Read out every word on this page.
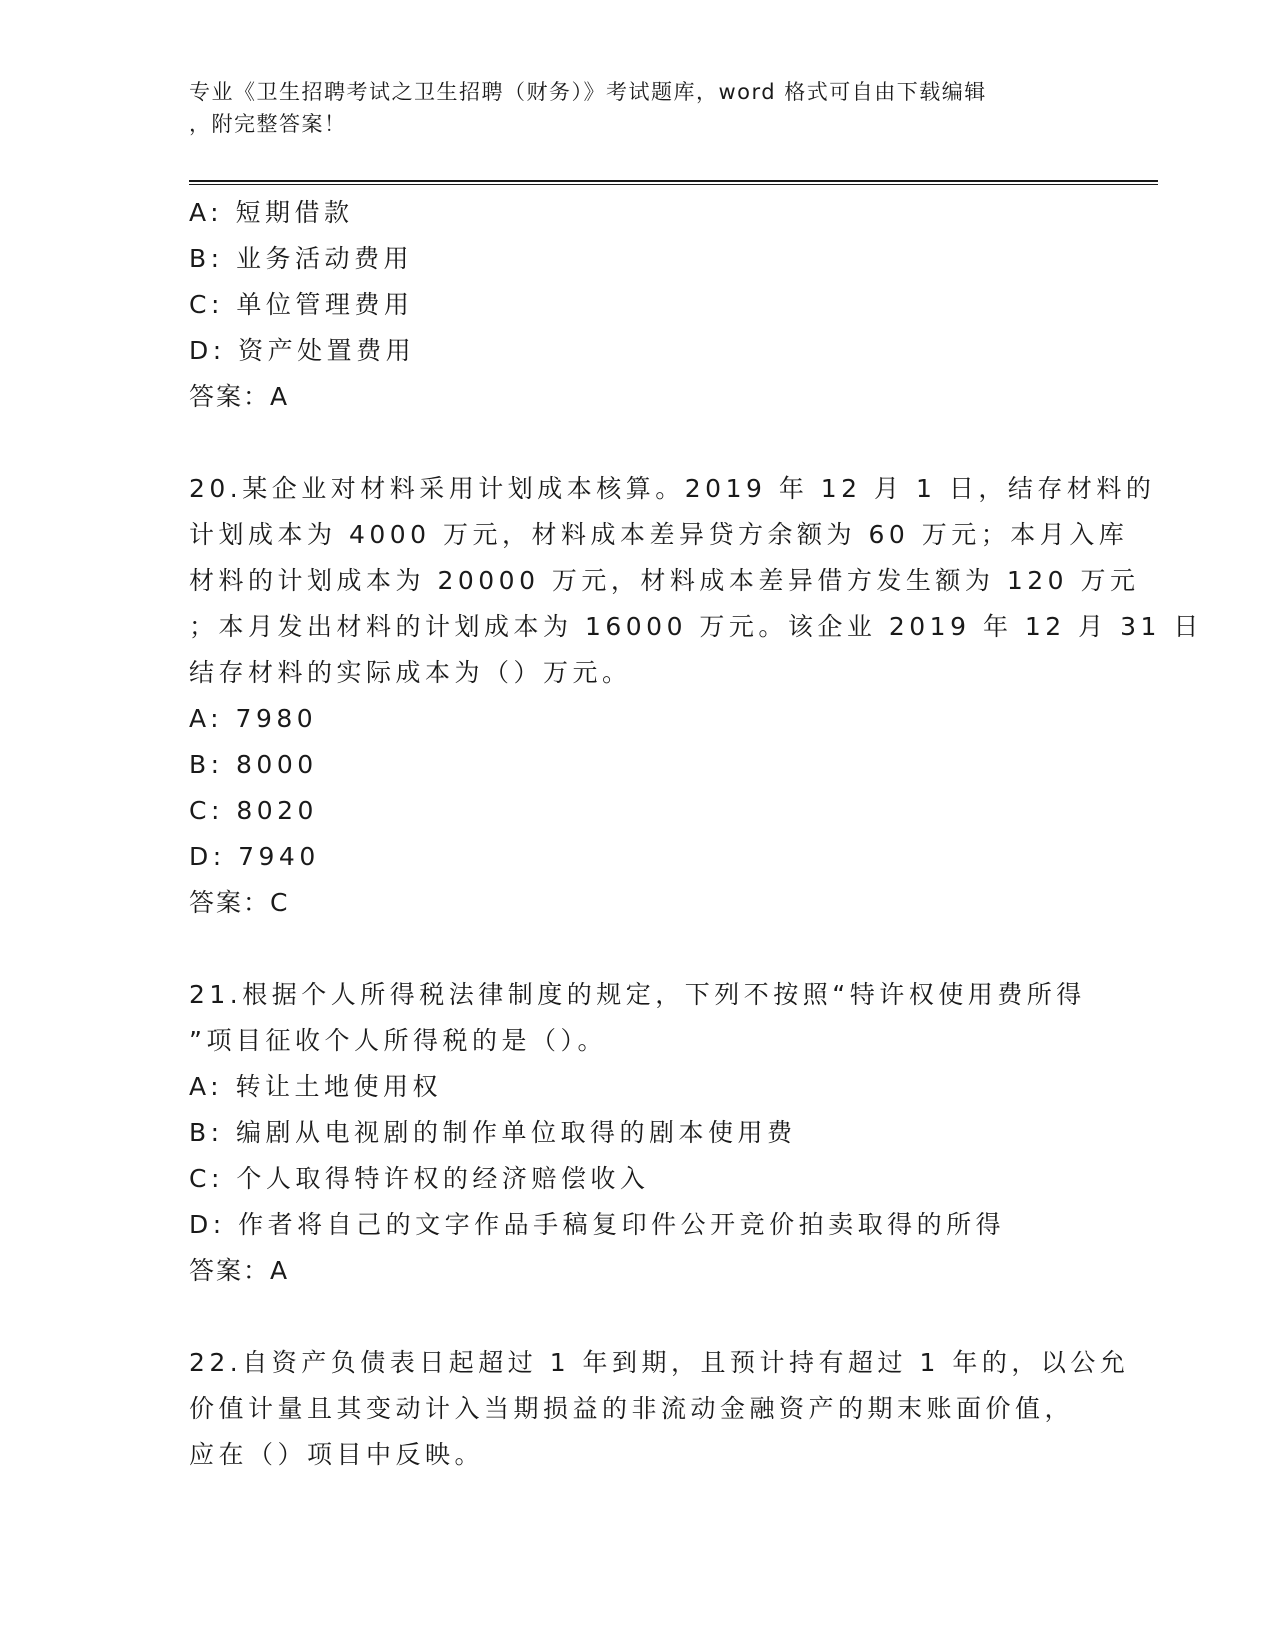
专业《卫生招聘考试之卫生招聘（财务）》考试题库，word 格式可自由下载编辑
，附完整答案！
A: 短期借款
B: 业务活动费用
C: 单位管理费用
D: 资产处置费用
答案：A
20.某企业对材料采用计划成本核算。2019 年 12 月 1 日，结存材料的
计划成本为 4000 万元，材料成本差异贷方余额为 60 万元；本月入库
材料的计划成本为 20000 万元，材料成本差异借方发生额为 120 万元
；本月发出材料的计划成本为 16000 万元。该企业 2019 年 12 月 31 日
结存材料的实际成本为（）万元。
A: 7980
B: 8000
C: 8020
D: 7940
答案：C
21.根据个人所得税法律制度的规定，下列不按照“特许权使用费所得
”项目征收个人所得税的是（）。
A: 转让土地使用权
B: 编剧从电视剧的制作单位取得的剧本使用费
C: 个人取得特许权的经济赔偿收入
D: 作者将自己的文字作品手稿复印件公开竞价拍卖取得的所得
答案：A
22.自资产负债表日起超过 1 年到期，且预计持有超过 1 年的，以公允
价值计量且其变动计入当期损益的非流动金融资产的期末账面价值，
应在（）项目中反映。
